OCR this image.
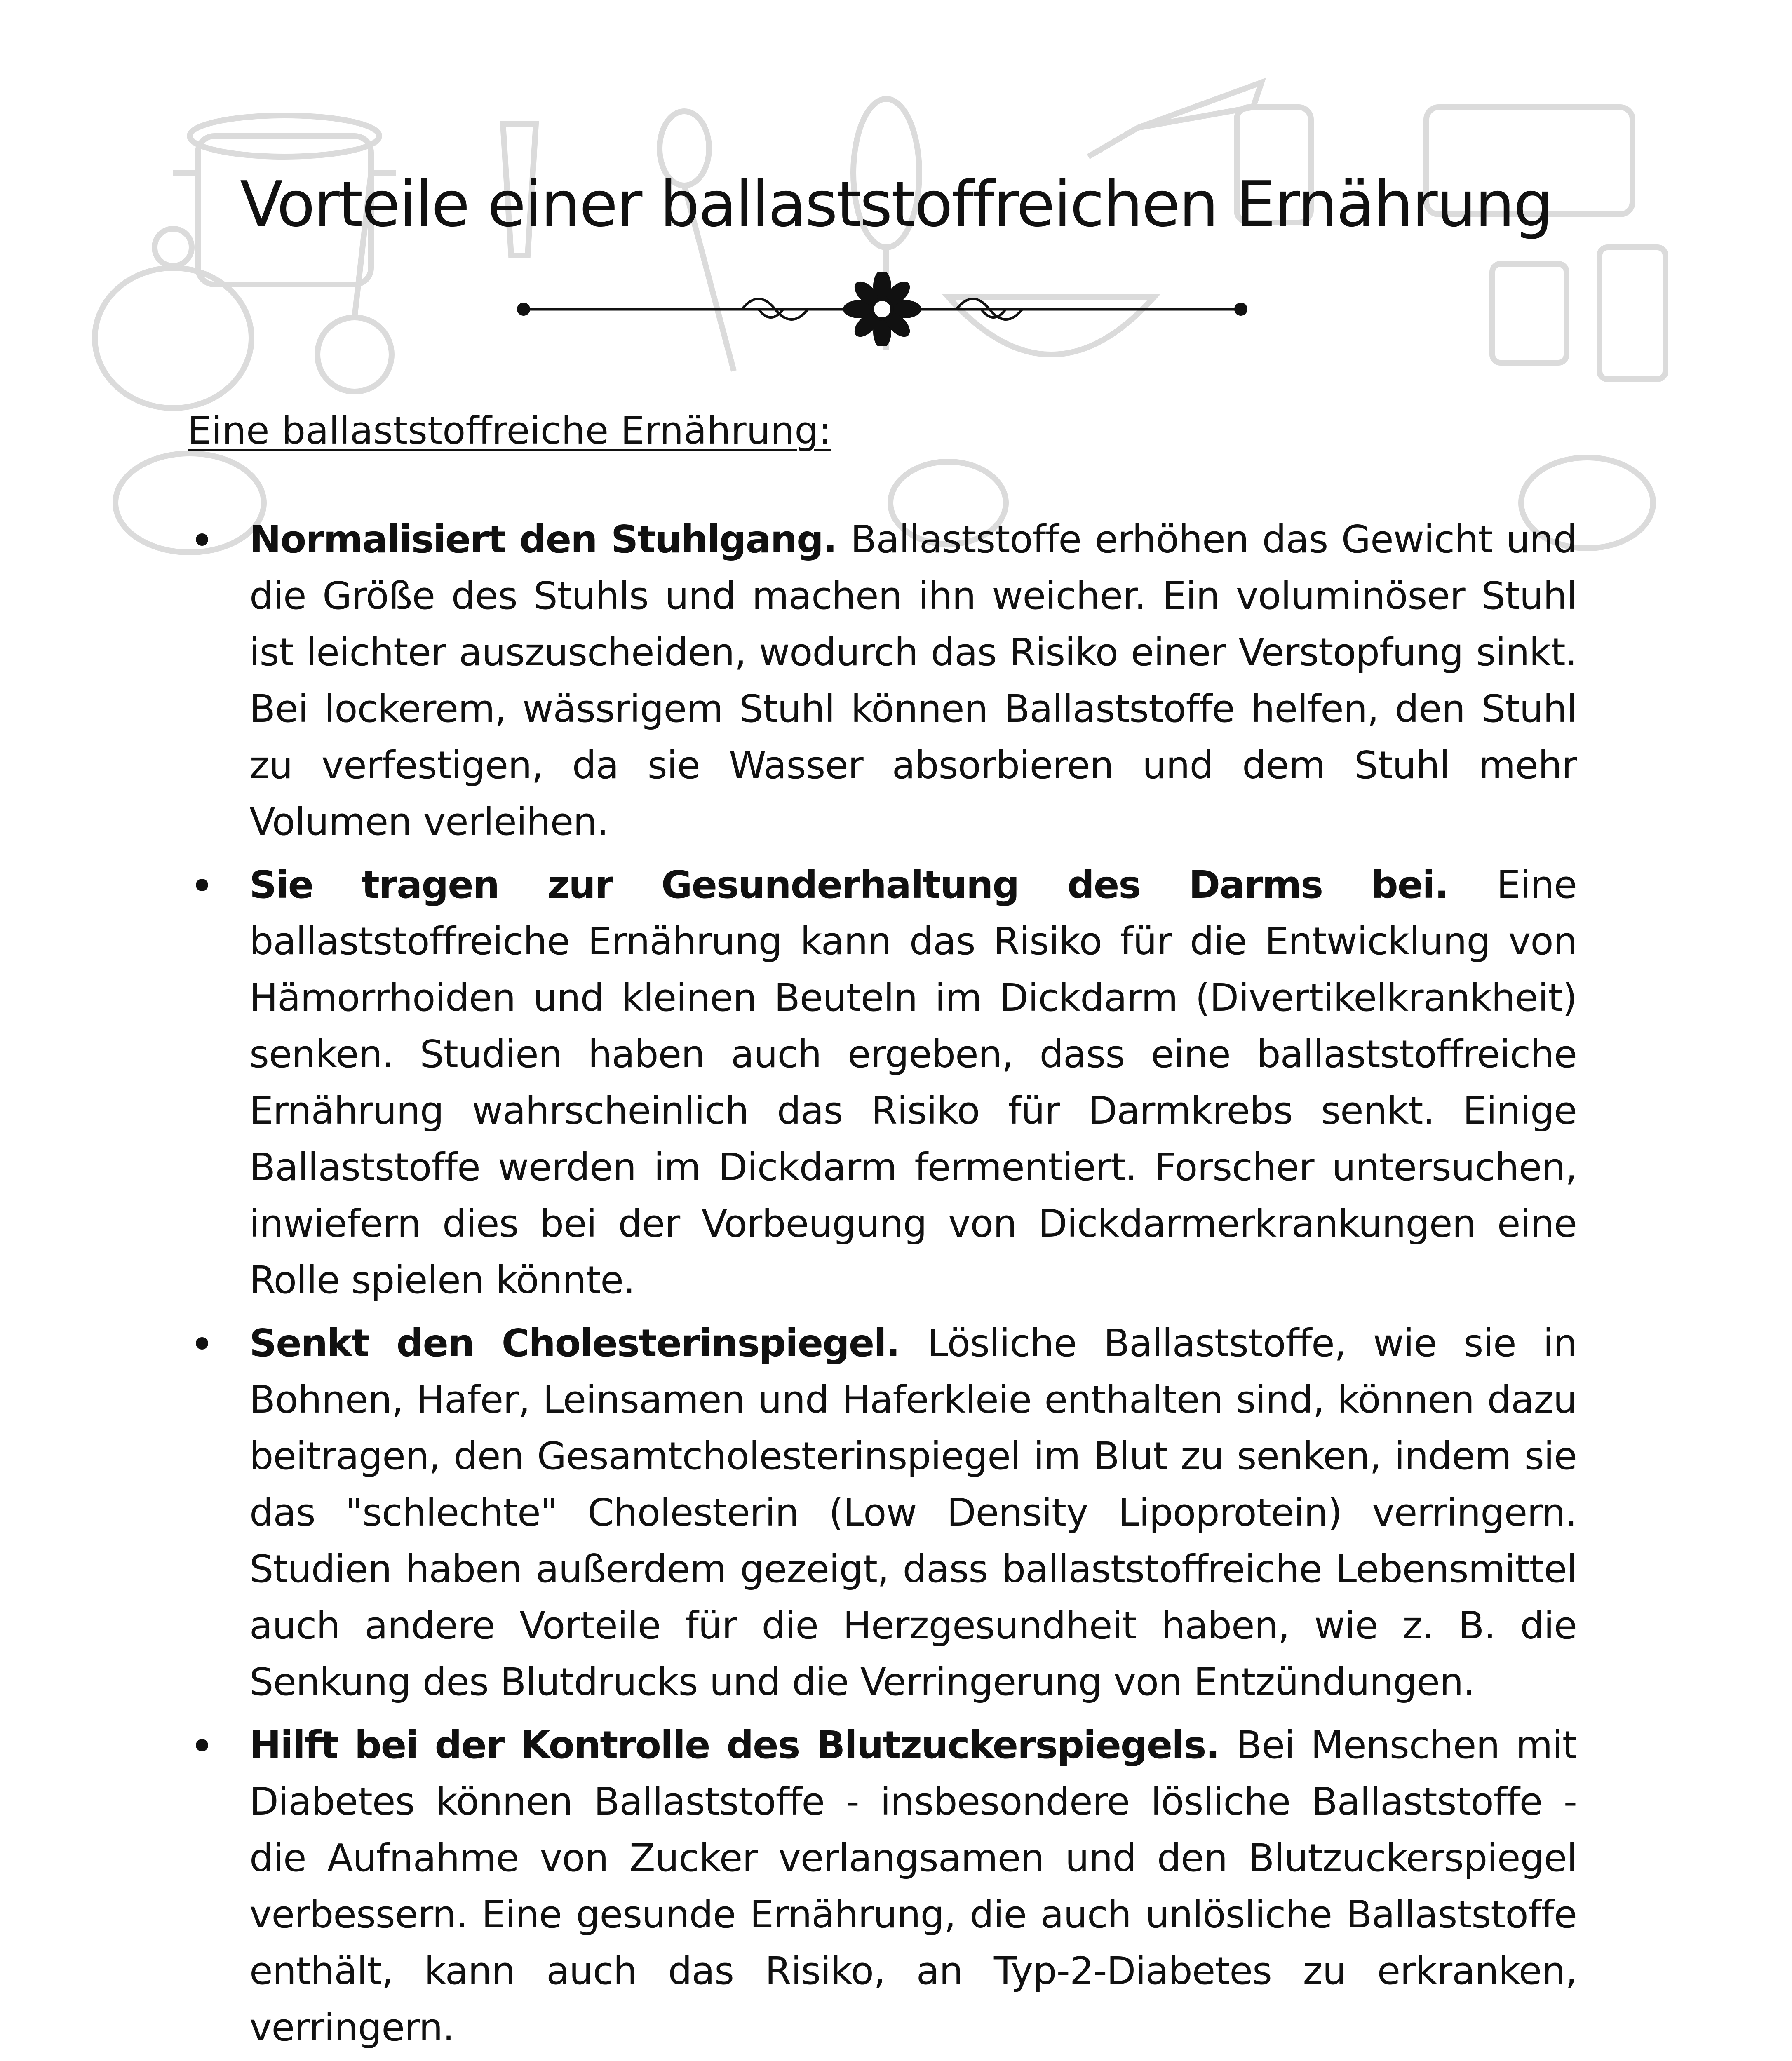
Vorteile einer ballaststoffreichen Ernährung

Eine ballaststoffreiche Ernährung:

Normalisiert den Stuhlgang. Ballaststoffe erhöhen das Gewicht und die Größe des Stuhls und machen ihn weicher. Ein voluminöser Stuhl ist leichter auszuscheiden, wodurch das Risiko einer Verstopfung sinkt. Bei lockerem, wässrigem Stuhl können Ballaststoffe helfen, den Stuhl zu verfestigen, da sie Wasser absorbieren und dem Stuhl mehr Volumen verleihen.
Sie tragen zur Gesunderhaltung des Darms bei. Eine ballaststoffreiche Ernährung kann das Risiko für die Entwicklung von Hämorrhoiden und kleinen Beuteln im Dickdarm (Divertikelkrankheit) senken. Studien haben auch ergeben, dass eine ballaststoffreiche Ernährung wahrscheinlich das Risiko für Darmkrebs senkt. Einige Ballaststoffe werden im Dickdarm fermentiert. Forscher untersuchen, inwiefern dies bei der Vorbeugung von Dickdarmerkrankungen eine Rolle spielen könnte.
Senkt den Cholesterinspiegel. Lösliche Ballaststoffe, wie sie in Bohnen, Hafer, Leinsamen und Haferkleie enthalten sind, können dazu beitragen, den Gesamtcholesterinspiegel im Blut zu senken, indem sie das "schlechte" Cholesterin (Low Density Lipoprotein) verringern. Studien haben außerdem gezeigt, dass ballaststoffreiche Lebensmittel auch andere Vorteile für die Herzgesundheit haben, wie z. B. die Senkung des Blutdrucks und die Verringerung von Entzündungen.
Hilft bei der Kontrolle des Blutzuckerspiegels. Bei Menschen mit Diabetes können Ballaststoffe - insbesondere lösliche Ballaststoffe - die Aufnahme von Zucker verlangsamen und den Blutzuckerspiegel verbessern. Eine gesunde Ernährung, die auch unlösliche Ballaststoffe enthält, kann auch das Risiko, an Typ-2-Diabetes zu erkranken, verringern.
